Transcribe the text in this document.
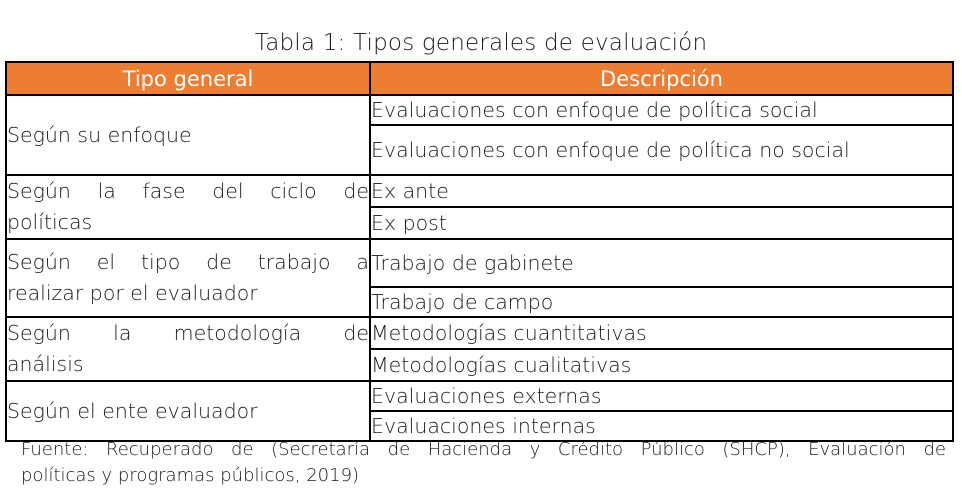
Tabla 1: Tipos generales de evaluación
Tipo general	Descripción
Según su enfoque	Evaluaciones con enfoque de política social
	Evaluaciones con enfoque de política no social

Según la fase del ciclo de
políticas	Ex ante
	Ex post

Según el tipo de trabajo a
realizar por el evaluador	Trabajo de gabinete
	Trabajo de campo

Según la metodología de
análisis	Metodologías cuantitativas
	Metodologías cualitativas
Según el ente evaluador	Evaluaciones externas
	Evaluaciones internas
Fuente: Recuperado de (Secretaría de Hacienda y Crédito Público (SHCP), Evaluación de
políticas y programas públicos, 2019)
